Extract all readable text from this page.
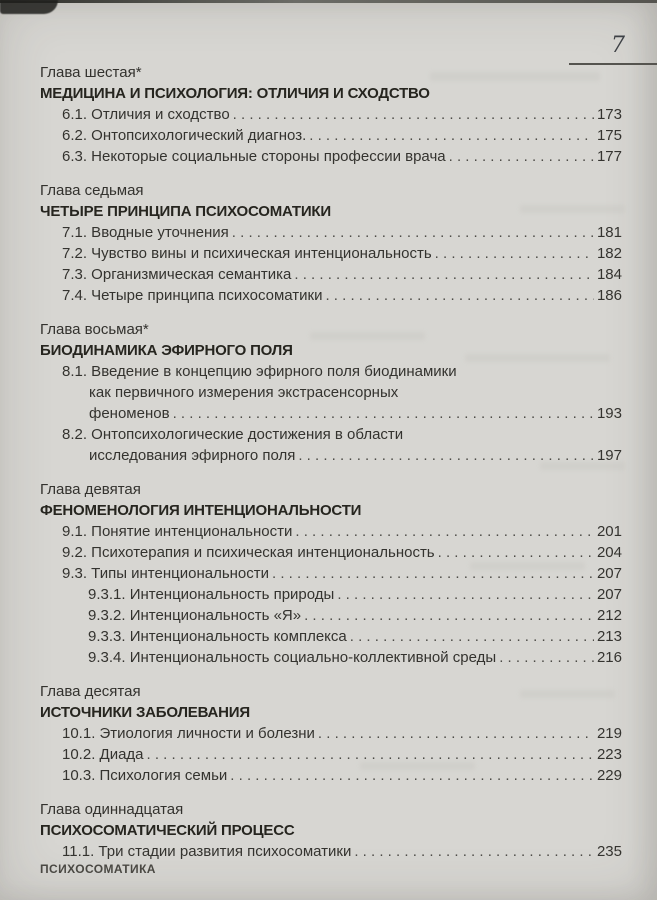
7
Глава шестая*
МЕДИЦИНА И ПСИХОЛОГИЯ: ОТЛИЧИЯ И СХОДСТВО
6.1. Отличия и сходство . . .	173
6.2. Онтопсихологический диагноз. . . .	175
6.3. Некоторые социальные стороны профессии врача . . .	177
Глава седьмая
ЧЕТЫРЕ ПРИНЦИПА ПСИХОСОМАТИКИ
7.1. Вводные уточнения . . .	181
7.2. Чувство вины и психическая интенциональность . . .	182
7.3. Организмическая семантика . . .	184
7.4. Четыре принципа психосоматики . . .	186
Глава восьмая*
БИОДИНАМИКА ЭФИРНОГО ПОЛЯ
8.1. Введение в концепцию эфирного поля биодинамики
как первичного измерения экстрасенсорных
феноменов . . .	193
8.2. Онтопсихологические достижения в области
исследования эфирного поля . . .	197
Глава девятая
ФЕНОМЕНОЛОГИЯ ИНТЕНЦИОНАЛЬНОСТИ
9.1. Понятие интенциональности . . .	201
9.2. Психотерапия и психическая интенциональность . . .	204
9.3. Типы интенциональности . . .	207
9.3.1. Интенциональность природы . . .	207
9.3.2. Интенциональность «Я» . . .	212
9.3.3. Интенциональность комплекса . . .	213
9.3.4. Интенциональность социально-коллективной среды . . .	216
Глава десятая
ИСТОЧНИКИ ЗАБОЛЕВАНИЯ
10.1. Этиология личности и болезни . . .	219
10.2. Диада . . .	223
10.3. Психология семьи . . .	229
Глава одиннадцатая
ПСИХОСОМАТИЧЕСКИЙ ПРОЦЕСС
11.1. Три стадии развития психосоматики . . .	235
ПСИХОСОМАТИКА
